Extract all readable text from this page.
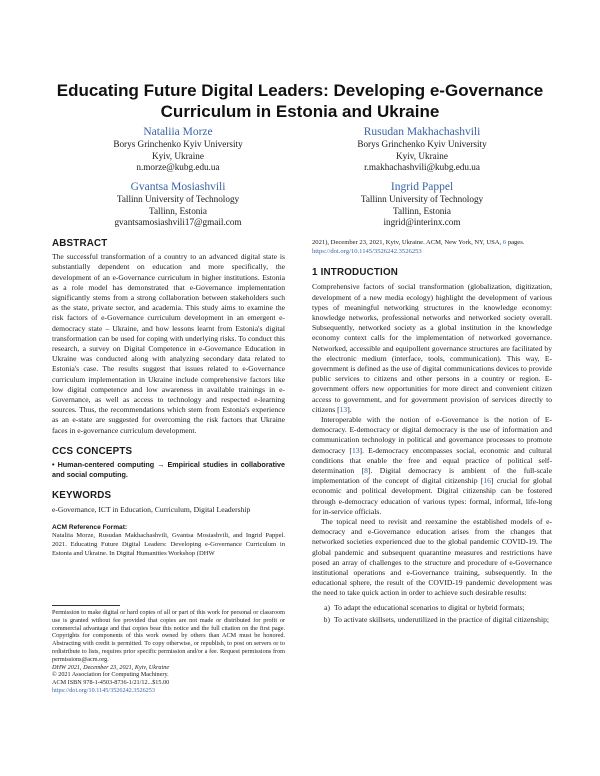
Educating Future Digital Leaders: Developing e-Governance
Curriculum in Estonia and Ukraine
Nataliia Morze
Borys Grinchenko Kyiv University
Kyiv, Ukraine
n.morze@kubg.edu.ua
Rusudan Makhachashvili
Borys Grinchenko Kyiv University
Kyiv, Ukraine
r.makhachashvili@kubg.edu.ua
Gvantsa Mosiashvili
Tallinn University of Technology
Tallinn, Estonia
gvantsamosiashvili17@gmail.com
Ingrid Pappel
Tallinn University of Technology
Tallinn, Estonia
ingrid@interinx.com
ABSTRACT

The successful transformation of a country to an advanced digital state is substantially dependent on education and more specifically, the development of an e-Governance curriculum in higher institutions. Estonia as a role model has demonstrated that e-Governance implementation significantly stems from a strong collaboration between stakeholders such as the state, private sector, and academia. This study aims to examine the risk factors of e-Governance curriculum development in an emergent e-democracy state – Ukraine, and how lessons learnt from Estonia's digital transformation can be used for coping with underlying risks. To conduct this research, a survey on Digital Competence in e-Governance Education in Ukraine was conducted along with analyzing secondary data related to Estonia's case. The results suggest that issues related to e-Governance curriculum implementation in Ukraine include comprehensive factors like low digital competence and low awareness in available trainings in e-Governance, as well as access to technology and respected e-learning sources. Thus, the recommendations which stem from Estonia's experience as an e-state are suggested for overcoming the risk factors that Ukraine faces in e-governance curriculum development.

CCS CONCEPTS

• Human-centered computing → Empirical studies in collaborative and social computing.

KEYWORDS

e-Governance, ICT in Education, Curriculum, Digital Leadership

ACM Reference Format:
Nataliia Morze, Rusudan Makhachashvili, Gvantsa Mosiashvili, and Ingrid Pappel. 2021. Educating Future Digital Leaders: Developing e-Governance Curriculum in Estonia and Ukraine. In Digital Humanities Workshop (DHW

Permission to make digital or hard copies of all or part of this work for personal or classroom use is granted without fee provided that copies are not made or distributed for profit or commercial advantage and that copies bear this notice and the full citation on the first page. Copyrights for components of this work owned by others than ACM must be honored. Abstracting with credit is permitted. To copy otherwise, or republish, to post on servers or to redistribute to lists, requires prior specific permission and/or a fee. Request permissions from permissions@acm.org.

DHW 2021, December 23, 2021, Kyiv, Ukraine
© 2021 Association for Computing Machinery.
ACM ISBN 978-1-4503-8736-1/21/12...$15.00
https://doi.org/10.1145/3526242.3526253
2021), December 23, 2021, Kyiv, Ukraine. ACM, New York, NY, USA, 6 pages.
https://doi.org/10.1145/3526242.3526253
1 INTRODUCTION

Comprehensive factors of social transformation (globalization, digitization, development of a new media ecology) highlight the development of various types of meaningful networking structures in the knowledge economy: knowledge networks, professional networks and networked society overall. Subsequently, networked society as a global institution in the knowledge economy context calls for the implementation of networked governance. Networked, accessible and equipollent governance structures are facilitated by the electronic medium (interface, tools, communication). This way, E-government is defined as the use of digital communications devices to provide public services to citizens and other persons in a country or region. E-government offers new opportunities for more direct and convenient citizen access to government, and for government provision of services directly to citizens [13].

Interoperable with the notion of e-Governance is the notion of E-democracy. E-democracy or digital democracy is the use of information and communication technology in political and governance processes to promote democracy [13]. E-democracy encompasses social, economic and cultural conditions that enable the free and equal practice of political self-determination [8]. Digital democracy is ambient of the full-scale implementation of the concept of digital citizenship [16] crucial for global economic and political development. Digital citizenship can be fostered through e-democracy education of various types: formal, informal, life-long for in-service officials.

The topical need to revisit and reexamine the established models of e-democracy and e-Governance education arises from the changes that networked societies experienced due to the global pandemic COVID-19. The global pandemic and subsequent quarantine measures and restrictions have posed an array of challenges to the structure and procedure of e-Governance institutional operations and e-Governance training, subsequently. In the educational sphere, the result of the COVID-19 pandemic development was the need to take quick action in order to achieve such desirable results:

a) To adapt the educational scenarios to digital or hybrid formats;
b) To activate skillsets, underutilized in the practice of digital citizenship;
